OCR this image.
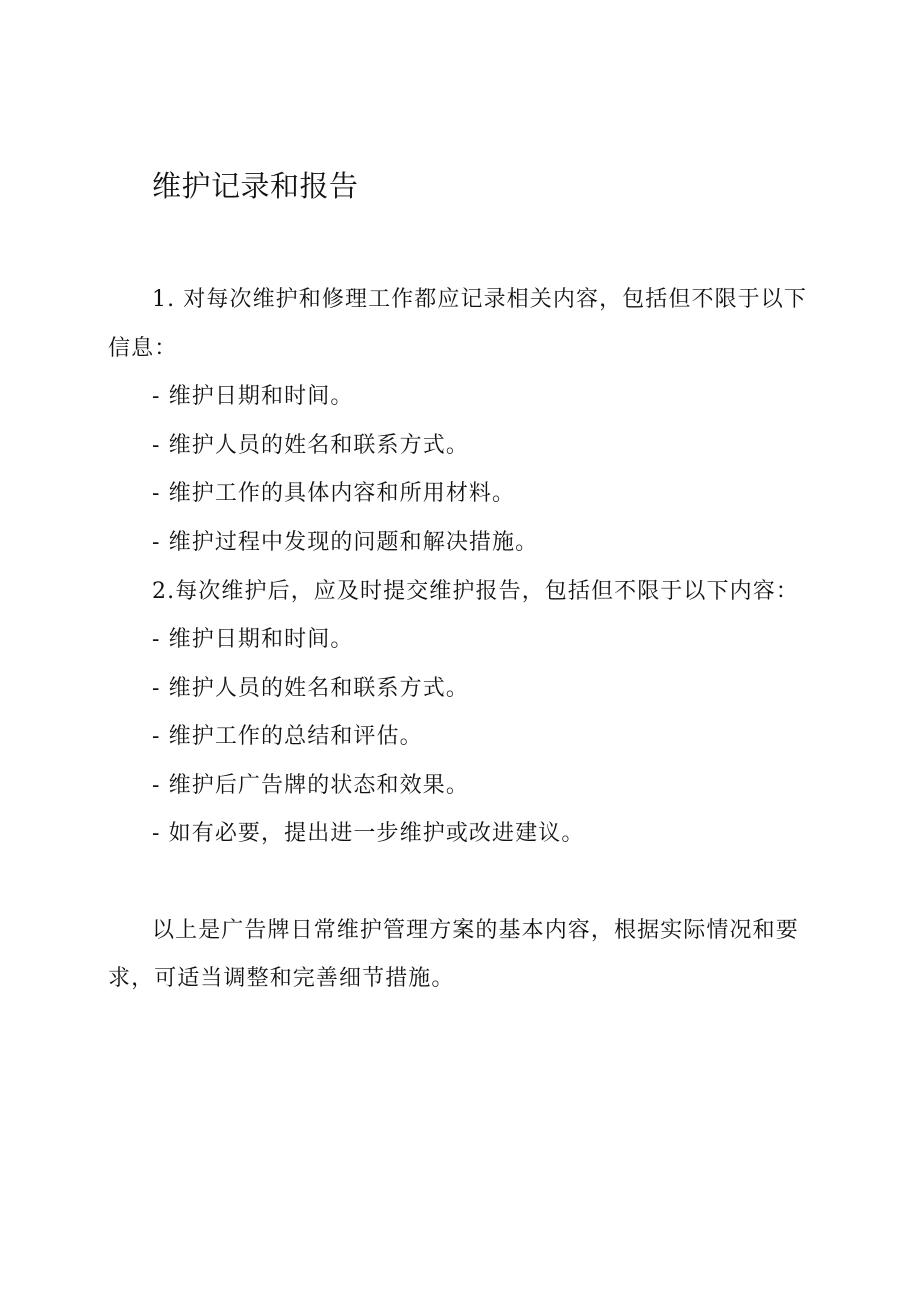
维护记录和报告
1. 对每次维护和修理工作都应记录相关内容，包括但不限于以下
信息：
- 维护日期和时间。
- 维护人员的姓名和联系方式。
- 维护工作的具体内容和所用材料。
- 维护过程中发现的问题和解决措施。
2.每次维护后，应及时提交维护报告，包括但不限于以下内容：
- 维护日期和时间。
- 维护人员的姓名和联系方式。
- 维护工作的总结和评估。
- 维护后广告牌的状态和效果。
- 如有必要，提出进一步维护或改进建议。
以上是广告牌日常维护管理方案的基本内容，根据实际情况和要
求，可适当调整和完善细节措施。
